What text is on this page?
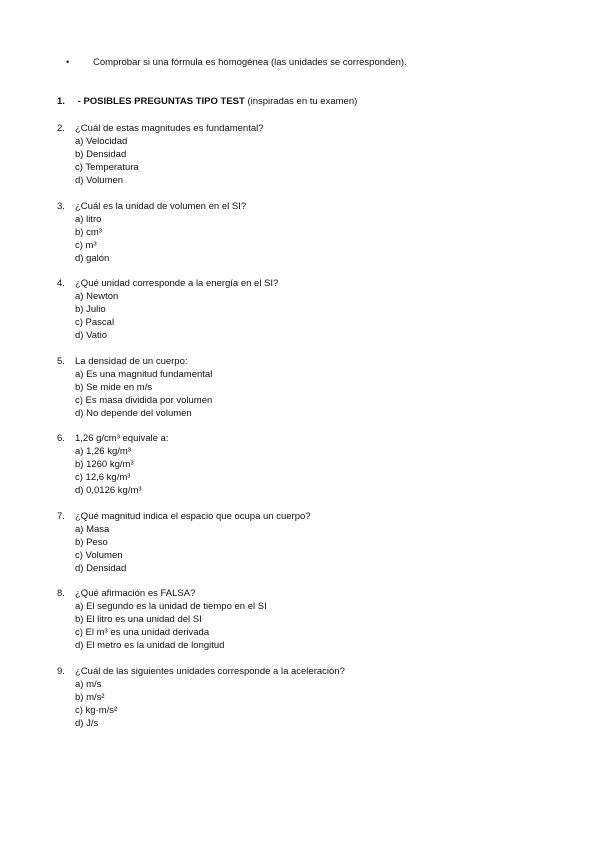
•	Comprobar si una fórmula es homogénea (las unidades se corresponden).
1. - POSIBLES PREGUNTAS TIPO TEST (inspiradas en tu examen)
2. ¿Cuál de estas magnitudes es fundamental?
a) Velocidad
b) Densidad
c) Temperatura
d) Volumen
3. ¿Cuál es la unidad de volumen en el SI?
a) litro
b) cm³
c) m³
d) galón
4. ¿Qué unidad corresponde a la energía en el SI?
a) Newton
b) Julio
c) Pascal
d) Vatio
5. La densidad de un cuerpo:
a) Es una magnitud fundamental
b) Se mide en m/s
c) Es masa dividida por volumen
d) No depende del volumen
6. 1,26 g/cm³ equivale a:
a) 1,26 kg/m³
b) 1260 kg/m³
c) 12,6 kg/m³
d) 0,0126 kg/m³
7. ¿Qué magnitud indica el espacio que ocupa un cuerpo?
a) Masa
b) Peso
c) Volumen
d) Densidad
8. ¿Qué afirmación es FALSA?
a) El segundo es la unidad de tiempo en el SI
b) El litro es una unidad del SI
c) El m³ es una unidad derivada
d) El metro es la unidad de longitud
9. ¿Cuál de las siguientes unidades corresponde a la aceleración?
a) m/s
b) m/s²
c) kg·m/s²
d) J/s
